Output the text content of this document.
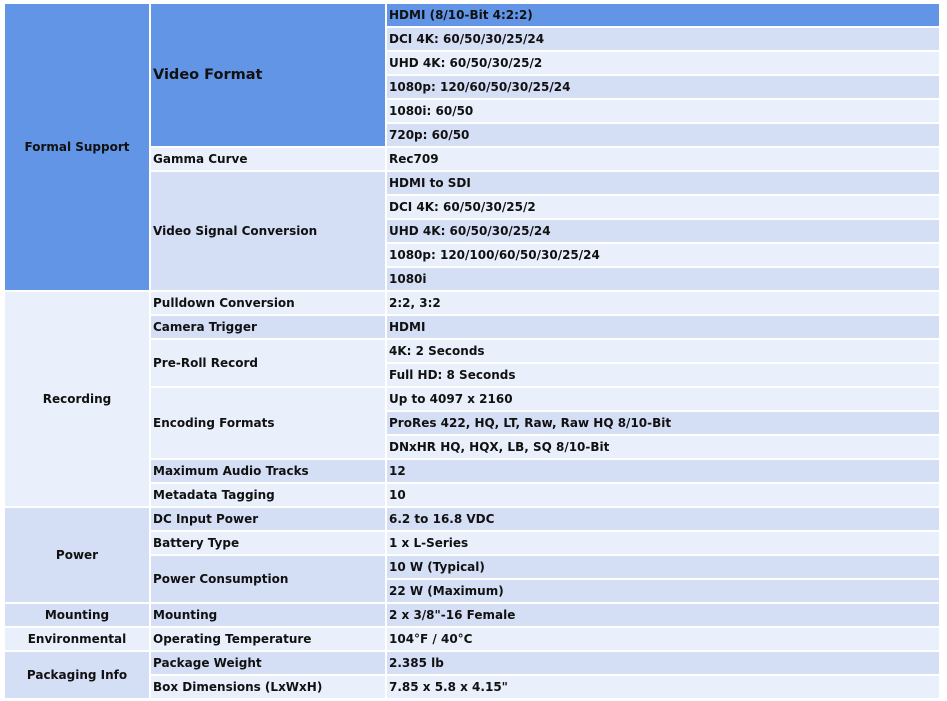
Formal Support	Video Format	HDMI (8/10-Bit 4:2:2)
		DCI 4K: 60/50/30/25/24
		UHD 4K: 60/50/30/25/2
		1080p: 120/60/50/30/25/24
		1080i: 60/50
		720p: 60/50
	Gamma Curve	Rec709
	Video Signal Conversion	HDMI to SDI
		DCI 4K: 60/50/30/25/2
		UHD 4K: 60/50/30/25/24
		1080p: 120/100/60/50/30/25/24
		1080i
Recording	Pulldown Conversion	2:2, 3:2
	Camera Trigger	HDMI
	Pre-Roll Record	4K: 2 Seconds
		Full HD: 8 Seconds
	Encoding Formats	Up to 4097 x 2160
		ProRes 422, HQ, LT, Raw, Raw HQ 8/10-Bit
		DNxHR HQ, HQX, LB, SQ 8/10-Bit
	Maximum Audio Tracks	12
	Metadata Tagging	10
Power	DC Input Power	6.2 to 16.8 VDC
	Battery Type	1 x L-Series
	Power Consumption	10 W (Typical)
		22 W (Maximum)
Mounting	Mounting	2 x 3/8"-16 Female
Environmental	Operating Temperature	104°F / 40°C
Packaging Info	Package Weight	2.385 lb
	Box Dimensions (LxWxH)	7.85 x 5.8 x 4.15"
